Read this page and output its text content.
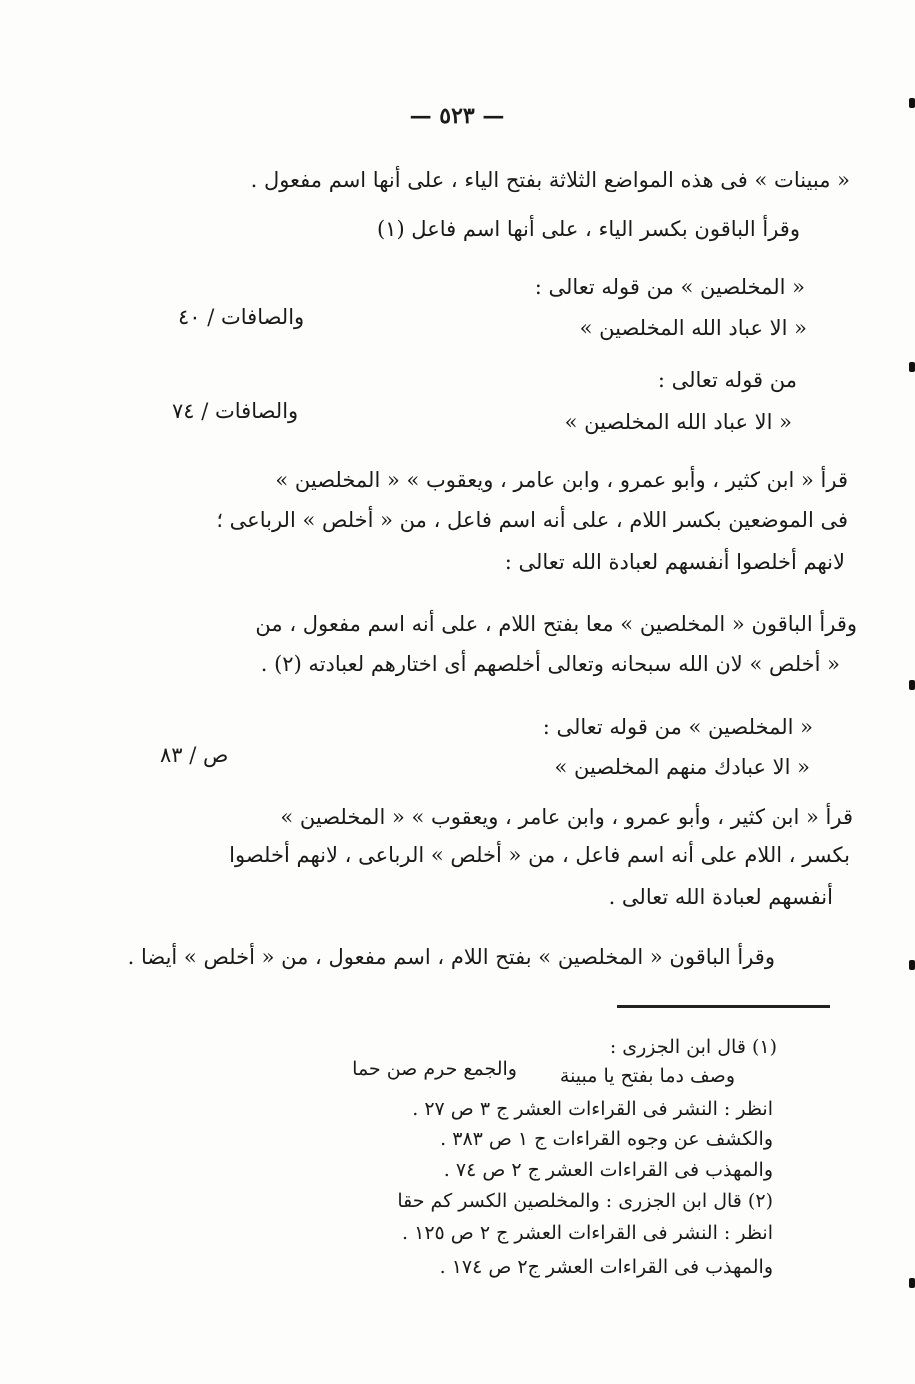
— ٥٢٣ —
« مبينات » فى هذه المواضع الثلاثة بفتح الياء ، على أنها اسم مفعول .
وقرأ الباقون بكسر الياء ، على أنها اسم فاعل (١)
« المخلصين » من قوله تعالى :
« الا عباد الله المخلصين »
والصافات / ٤٠
من قوله تعالى :
« الا عباد الله المخلصين »
والصافات / ٧٤
قرأ « ابن كثير ، وأبو عمرو ، وابن عامر ، ويعقوب » « المخلصين »
فى الموضعين بكسر اللام ، على أنه اسم فاعل ، من « أخلص » الرباعى ؛
لانهم أخلصوا أنفسهم لعبادة الله تعالى :
وقرأ الباقون « المخلصين » معا بفتح اللام ، على أنه اسم مفعول ، من
« أخلص » لان الله سبحانه وتعالى أخلصهم أى اختارهم لعبادته (٢) .
« المخلصين » من قوله تعالى :
« الا عبادك منهم المخلصين »
ص / ٨٣
قرأ « ابن كثير ، وأبو عمرو ، وابن عامر ، ويعقوب » « المخلصين »
بكسر ، اللام على أنه اسم فاعل ، من « أخلص » الرباعى ، لانهم أخلصوا
أنفسهم لعبادة الله تعالى .
وقرأ الباقون « المخلصين » بفتح اللام ، اسم مفعول ، من « أخلص » أيضا .
(١) قال ابن الجزرى :
وصف دما بفتح يا مبينة
والجمع حرم صن حما
انظر : النشر فى القراءات العشر ج ٣ ص ٢٧ .
والكشف عن وجوه القراءات ج ١ ص ٣٨٣ .
والمهذب فى القراءات العشر ج ٢ ص ٧٤ .
(٢) قال ابن الجزرى : والمخلصين الكسر كم حقا
انظر : النشر فى القراءات العشر ج ٢ ص ١٢٥ .
والمهذب فى القراءات العشر ج٢ ص ١٧٤ .
